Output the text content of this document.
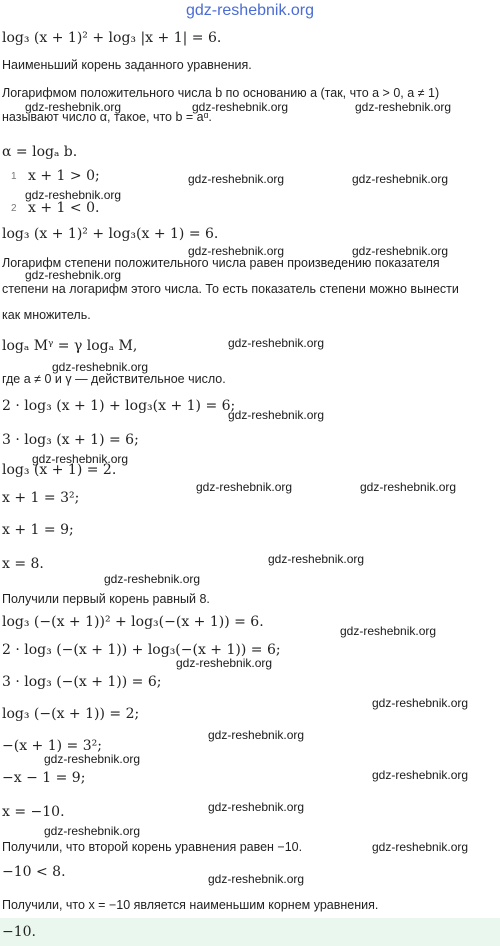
gdz-reshebnik.org
log₃ (x + 1)² + log₃ |x + 1| = 6.
Наименьший корень заданного уравнения.
Логарифмом положительного числа b по основанию a (так, что a > 0, a ≠ 1)
называют число α, такое, что b = aᵅ.
α = logₐ b.
x + 1 > 0;
x + 1 < 0.
log₃ (x + 1)² + log₃(x + 1) = 6.
Логарифм степени положительного числа равен произведению показателя
степени на логарифм этого числа. То есть показатель степени можно вынести
как множитель.
logₐ Mᵞ = γ logₐ M,
где a ≠ 0 и γ — действительное число.
2 · log₃ (x + 1) + log₃(x + 1) = 6;
3 · log₃ (x + 1) = 6;
log₃ (x + 1) = 2.
x + 1 = 3²;
x + 1 = 9;
x = 8.
Получили первый корень равный 8.
log₃ (−(x + 1))² + log₃(−(x + 1)) = 6.
2 · log₃ (−(x + 1)) + log₃(−(x + 1)) = 6;
3 · log₃ (−(x + 1)) = 6;
log₃ (−(x + 1)) = 2;
−(x + 1) = 3²;
−x − 1 = 9;
x = −10.
Получили, что второй корень уравнения равен −10.
−10 < 8.
Получили, что x = −10 является наименьшим корнем уравнения.
1
2
gdz-reshebnik.org	gdz-reshebnik.org	gdz-reshebnik.org
gdz-reshebnik.org	gdz-reshebnik.org
gdz-reshebnik.org
gdz-reshebnik.org	gdz-reshebnik.org
gdz-reshebnik.org
gdz-reshebnik.org
gdz-reshebnik.org
gdz-reshebnik.org
gdz-reshebnik.org
gdz-reshebnik.org	gdz-reshebnik.org
gdz-reshebnik.org
gdz-reshebnik.org
gdz-reshebnik.org
gdz-reshebnik.org
gdz-reshebnik.org
gdz-reshebnik.org
gdz-reshebnik.org
gdz-reshebnik.org
gdz-reshebnik.org
gdz-reshebnik.org
gdz-reshebnik.org
gdz-reshebnik.org
−10.
